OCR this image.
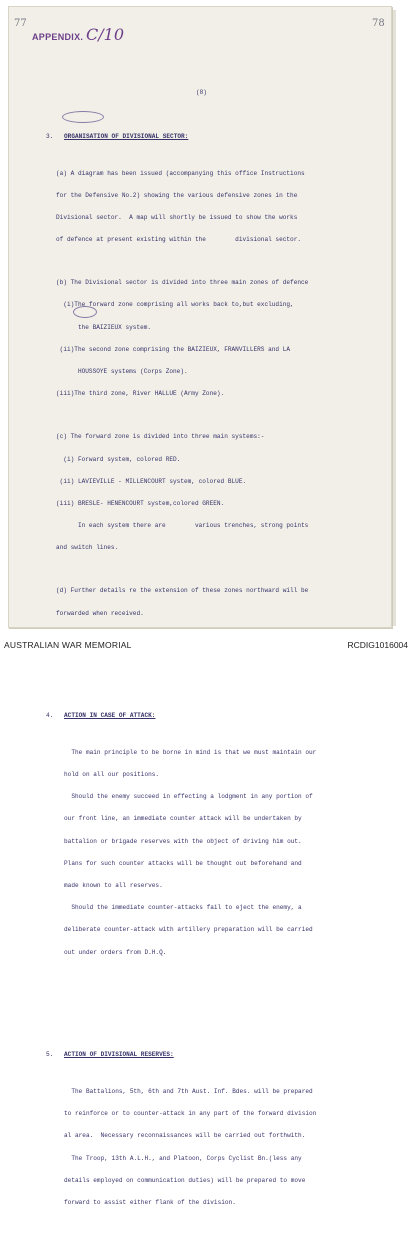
77	78
APPENDIX. C/10
(8)

3. ORGANISATION OF DIVISIONAL SECTOR:

(a) A diagram has been issued (accompanying this office Instructions

for the Defensive No.2) showing the various defensive zones in the

Divisional sector.  A map will shortly be issued to show the works

of defence at present existing within the        divisional sector.

(b) The Divisional sector is divided into three main zones of defence

(i)The forward zone comprising all works back to,but excluding,

the BAIZIEUX system.

(ii)The second zone comprising the BAIZIEUX, FRANVILLERS and LA

HOUSSOYE systems (Corps Zone).

(iii)The third zone, River HALLUE (Army Zone).

(c) The forward zone is divided into three main systems:-

(i) Forward system, colored RED.

(ii) LAVIEVILLE - MILLENCOURT system, colored BLUE.

(iii) BRESLE- HENENCOURT system,colored GREEN.

In each system there are        various trenches, strong points

and switch lines.

(d) Further details re the extension of these zones northward will be

forwarded when received.

4. ACTION IN CASE OF ATTACK:

The main principle to be borne in mind is that we must maintain our

hold on all our positions.

Should the enemy succeed in effecting a lodgment in any portion of

our front line, an immediate counter attack will be undertaken by

battalion or brigade reserves with the object of driving him out.

Plans for such counter attacks will be thought out beforehand and

made known to all reserves.

Should the immediate counter-attacks fail to eject the enemy, a

deliberate counter-attack with artillery preparation will be carried

out under orders from D.H.Q.

5. ACTION OF DIVISIONAL RESERVES:

The Battalions, 5th, 6th and 7th Aust. Inf. Bdes. will be prepared

to reinforce or to counter-attack in any part of the forward division

al area.  Necessary reconnaissances will be carried out forthwith.

The Troop, 13th A.L.H., and Platoon, Corps Cyclist Bn.(less any

details employed on communication duties) will be prepared to move

forward to assist either flank of the division.

AUSTRALIAN WAR MEMORIAL	RCDIG1016004
